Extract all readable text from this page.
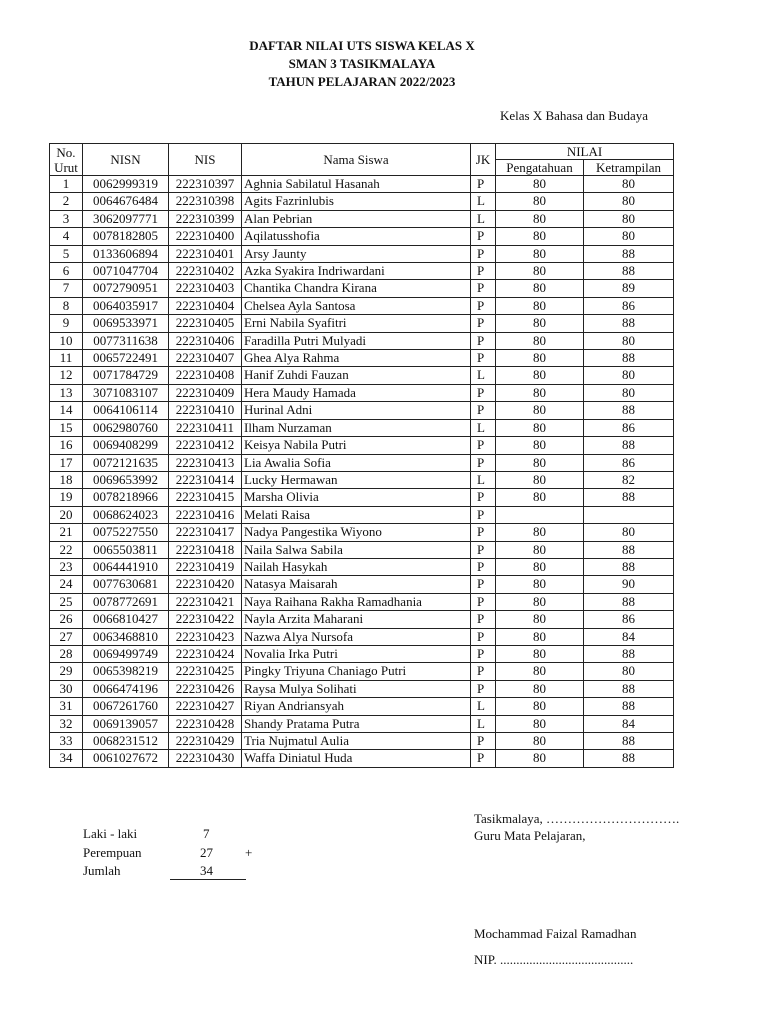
DAFTAR NILAI UTS SISWA KELAS X
SMAN 3 TASIKMALAYA
TAHUN PELAJARAN 2022/2023
Kelas X Bahasa dan Budaya
No. Urut	NISN	NIS	Nama Siswa	JK	NILAI	
					Pengatahuan	Ketrampilan
1	0062999319	222310397	Aghnia Sabilatul Hasanah	P	80	80
2	0064676484	222310398	Agits Fazrinlubis	L	80	80
3	3062097771	222310399	Alan Pebrian	L	80	80
4	0078182805	222310400	Aqilatusshofia	P	80	80
5	0133606894	222310401	Arsy Jaunty	P	80	88
6	0071047704	222310402	Azka Syakira Indriwardani	P	80	88
7	0072790951	222310403	Chantika Chandra Kirana	P	80	89
8	0064035917	222310404	Chelsea Ayla Santosa	P	80	86
9	0069533971	222310405	Erni Nabila Syafitri	P	80	88
10	0077311638	222310406	Faradilla Putri Mulyadi	P	80	80
11	0065722491	222310407	Ghea Alya Rahma	P	80	88
12	0071784729	222310408	Hanif Zuhdi Fauzan	L	80	80
13	3071083107	222310409	Hera Maudy Hamada	P	80	80
14	0064106114	222310410	Hurinal Adni	P	80	88
15	0062980760	222310411	Ilham Nurzaman	L	80	86
16	0069408299	222310412	Keisya Nabila Putri	P	80	88
17	0072121635	222310413	Lia Awalia Sofia	P	80	86
18	0069653992	222310414	Lucky Hermawan	L	80	82
19	0078218966	222310415	Marsha Olivia	P	80	88
20	0068624023	222310416	Melati Raisa	P		
21	0075227550	222310417	Nadya Pangestika Wiyono	P	80	80
22	0065503811	222310418	Naila Salwa Sabila	P	80	88
23	0064441910	222310419	Nailah Hasykah	P	80	88
24	0077630681	222310420	Natasya Maisarah	P	80	90
25	0078772691	222310421	Naya Raihana Rakha Ramadhania	P	80	88
26	0066810427	222310422	Nayla Arzita Maharani	P	80	86
27	0063468810	222310423	Nazwa Alya Nursofa	P	80	84
28	0069499749	222310424	Novalia Irka Putri	P	80	88
29	0065398219	222310425	Pingky Triyuna Chaniago Putri	P	80	80
30	0066474196	222310426	Raysa Mulya Solihati	P	80	88
31	0067261760	222310427	Riyan Andriansyah	L	80	88
32	0069139057	222310428	Shandy Pratama Putra	L	80	84
33	0068231512	222310429	Tria Nujmatul Aulia	P	80	88
34	0061027672	222310430	Waffa Diniatul Huda	P	80	88
Laki - laki	7
Perempuan	27 +
Jumlah	34
Tasikmalaya, ………………………….
Guru Mata Pelajaran,
Mochammad Faizal Ramadhan
NIP. .........................................
